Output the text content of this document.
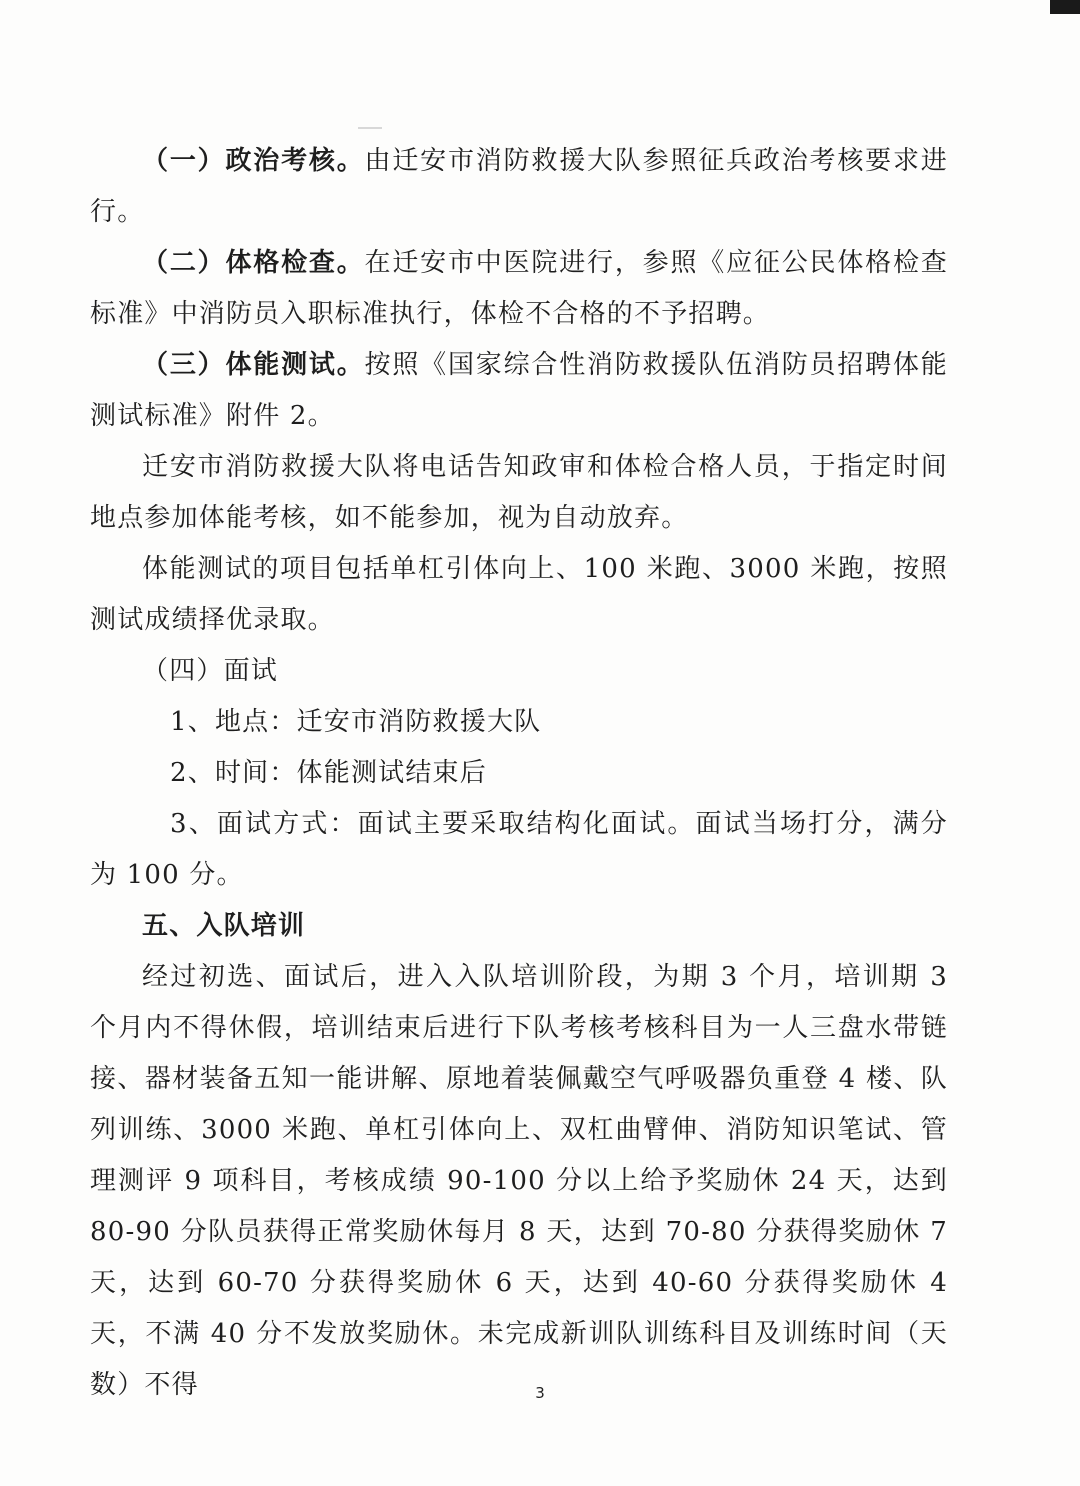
（一）政治考核。由迁安市消防救援大队参照征兵政治考核要求进行。

（二）体格检查。在迁安市中医院进行，参照《应征公民体格检查标准》中消防员入职标准执行，体检不合格的不予招聘。

（三）体能测试。按照《国家综合性消防救援队伍消防员招聘体能测试标准》附件 2。

迁安市消防救援大队将电话告知政审和体检合格人员，于指定时间地点参加体能考核，如不能参加，视为自动放弃。

体能测试的项目包括单杠引体向上、100 米跑、3000 米跑，按照测试成绩择优录取。

（四）面试

1、地点：迁安市消防救援大队

2、时间：体能测试结束后

3、面试方式：面试主要采取结构化面试。面试当场打分，满分为 100 分。

五、入队培训

经过初选、面试后，进入入队培训阶段，为期 3 个月，培训期 3 个月内不得休假，培训结束后进行下队考核考核科目为一人三盘水带链接、器材装备五知一能讲解、原地着装佩戴空气呼吸器负重登 4 楼、队列训练、3000 米跑、单杠引体向上、双杠曲臂伸、消防知识笔试、管理测评 9 项科目，考核成绩 90-100 分以上给予奖励休 24 天，达到 80-90 分队员获得正常奖励休每月 8 天，达到 70-80 分获得奖励休 7 天，达到 60-70 分获得奖励休 6 天，达到 40-60 分获得奖励休 4 天，不满 40 分不发放奖励休。未完成新训队训练科目及训练时间（天数）不得	3
